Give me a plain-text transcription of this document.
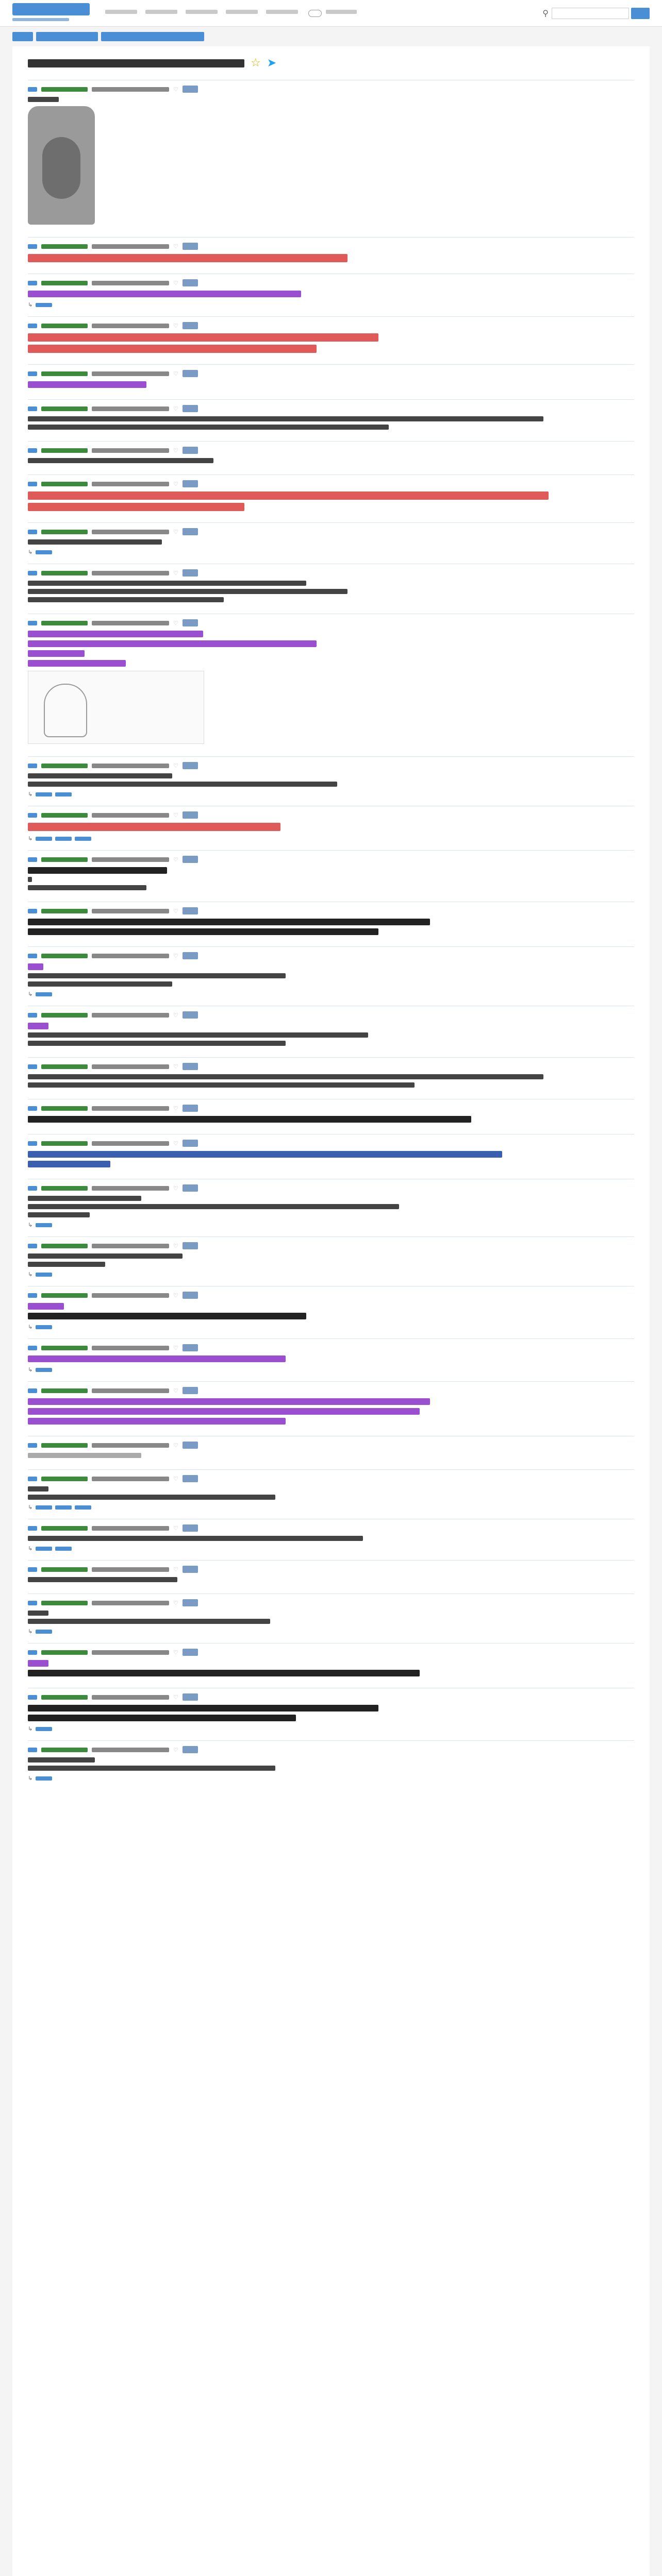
⚲
☆ ➤
♡
♡
♡
↳
♡
♡
♡
♡
♡
♡
↳
♡
♡
♡
↳
♡
↳
♡
♡
♡
↳
♡
♡
♡
♡
♡
↳
♡
↳
♡
↳
♡
↳
♡
♡
♡
↳
♡
↳
♡
♡
↳
♡
♡
↳
♡
↳
